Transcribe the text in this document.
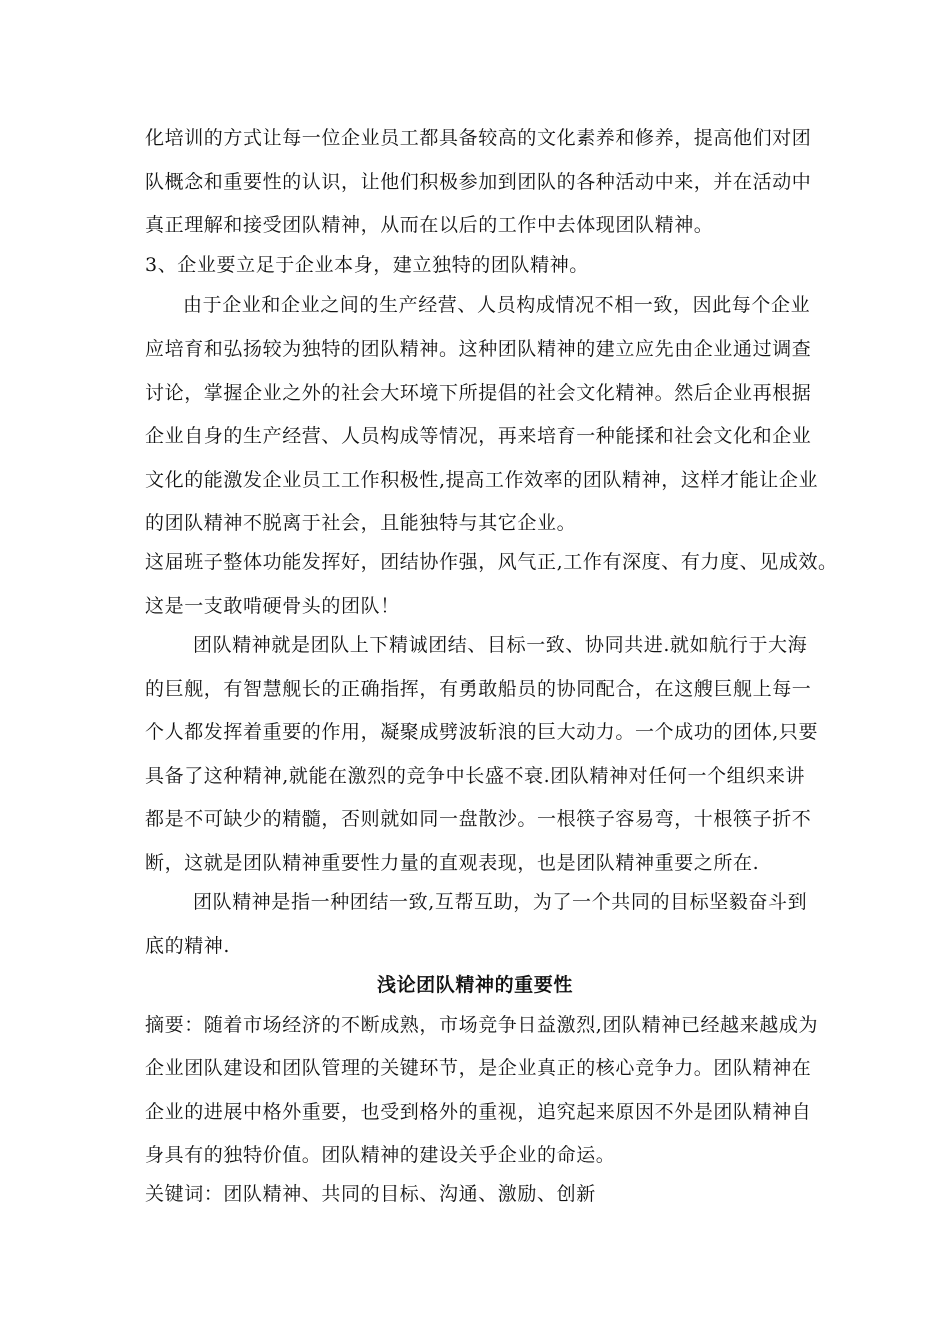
化培训的方式让每一位企业员工都具备较高的文化素养和修养，提高他们对团
队概念和重要性的认识，让他们积极参加到团队的各种活动中来，并在活动中
真正理解和接受团队精神，从而在以后的工作中去体现团队精神。
3、企业要立足于企业本身，建立独特的团队精神。
由于企业和企业之间的生产经营、人员构成情况不相一致，因此每个企业
应培育和弘扬较为独特的团队精神。这种团队精神的建立应先由企业通过调查
讨论，掌握企业之外的社会大环境下所提倡的社会文化精神。然后企业再根据
企业自身的生产经营、人员构成等情况，再来培育一种能揉和社会文化和企业
文化的能激发企业员工工作积极性,提高工作效率的团队精神，这样才能让企业
的团队精神不脱离于社会，且能独特与其它企业。
这届班子整体功能发挥好，团结协作强，风气正,工作有深度、有力度、见成效。
这是一支敢啃硬骨头的团队！
团队精神就是团队上下精诚团结、目标一致、协同共进.就如航行于大海
的巨舰，有智慧舰长的正确指挥，有勇敢船员的协同配合，在这艘巨舰上每一
个人都发挥着重要的作用，凝聚成劈波斩浪的巨大动力。一个成功的团体,只要
具备了这种精神,就能在激烈的竞争中长盛不衰.团队精神对任何一个组织来讲
都是不可缺少的精髓，否则就如同一盘散沙。一根筷子容易弯，十根筷子折不
断，这就是团队精神重要性力量的直观表现，也是团队精神重要之所在.
团队精神是指一种团结一致,互帮互助，为了一个共同的目标坚毅奋斗到
底的精神.
浅论团队精神的重要性
摘要：随着市场经济的不断成熟，市场竞争日益激烈,团队精神已经越来越成为
企业团队建设和团队管理的关键环节，是企业真正的核心竞争力。团队精神在
企业的进展中格外重要，也受到格外的重视，追究起来原因不外是团队精神自
身具有的独特价值。团队精神的建设关乎企业的命运。
关键词：团队精神、共同的目标、沟通、激励、创新
